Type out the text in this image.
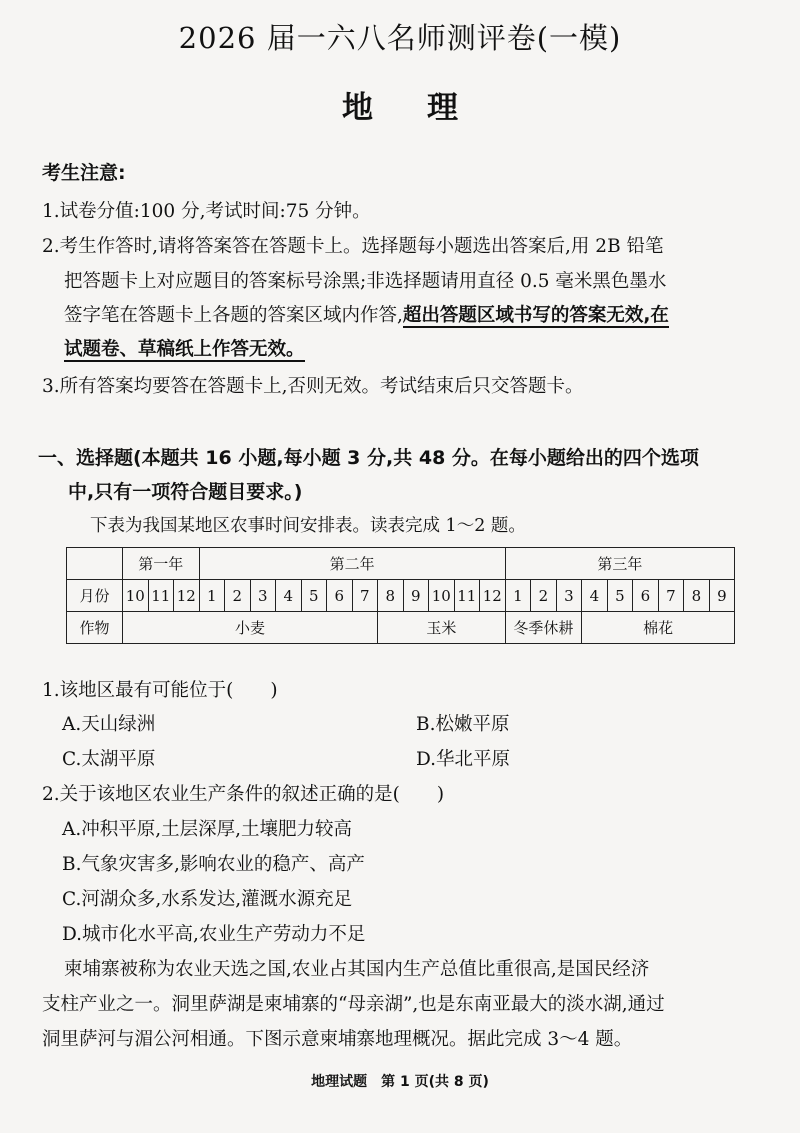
2026 届一六八名师测评卷(一模)
地 理
考生注意:
1.试卷分值:100 分,考试时间:75 分钟。
2.考生作答时,请将答案答在答题卡上。选择题每小题选出答案后,用 2B 铅笔
把答题卡上对应题目的答案标号涂黑;非选择题请用直径 0.5 毫米黑色墨水
签字笔在答题卡上各题的答案区域内作答,超出答题区域书写的答案无效,在
试题卷、草稿纸上作答无效。
3.所有答案均要答在答题卡上,否则无效。考试结束后只交答题卡。
一、选择题(本题共 16 小题,每小题 3 分,共 48 分。在每小题给出的四个选项
中,只有一项符合题目要求。)
下表为我国某地区农事时间安排表。读表完成 1～2 题。
	第一年			第二年												第三年								
月份	10	11	12	1	2	3	4	5	6	7	8	9	10	11	12	1	2	3	4	5	6	7	8	9
作物	小麦										玉米					冬季休耕			棉花					
1.该地区最有可能位于(　　)
A.天山绿洲	B.松嫩平原
C.太湖平原	D.华北平原
2.关于该地区农业生产条件的叙述正确的是(　　)
A.冲积平原,土层深厚,土壤肥力较高
B.气象灾害多,影响农业的稳产、高产
C.河湖众多,水系发达,灌溉水源充足
D.城市化水平高,农业生产劳动力不足
柬埔寨被称为农业天选之国,农业占其国内生产总值比重很高,是国民经济
支柱产业之一。洞里萨湖是柬埔寨的“母亲湖”,也是东南亚最大的淡水湖,通过
洞里萨河与湄公河相通。下图示意柬埔寨地理概况。据此完成 3～4 题。
地理试题　第 1 页(共 8 页)
